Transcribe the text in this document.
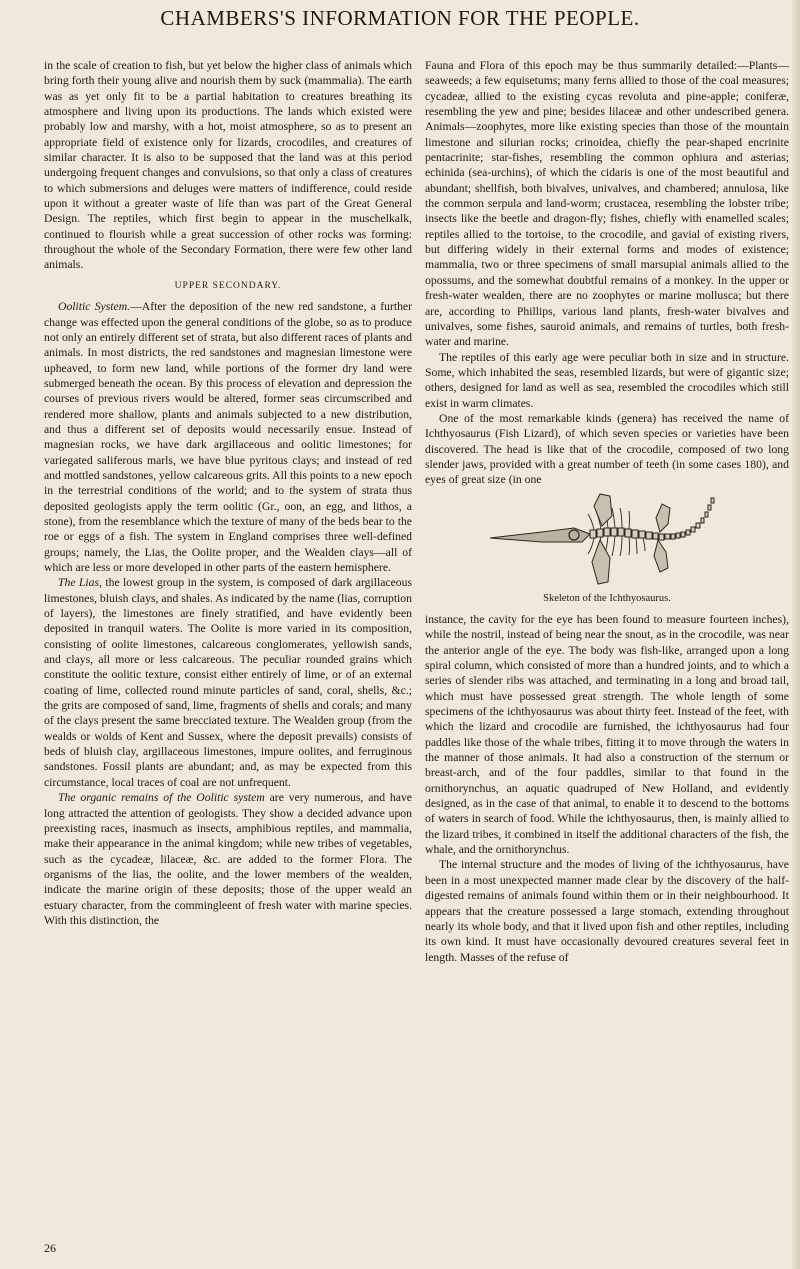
CHAMBERS'S INFORMATION FOR THE PEOPLE.

in the scale of creation to fish, but yet below the higher class of animals which bring forth their young alive and nourish them by suck (mammalia). The earth was as yet only fit to be a partial habitation to creatures breathing its atmosphere and living upon its productions. The lands which existed were probably low and marshy, with a hot, moist atmosphere, so as to present an appropriate field of existence only for lizards, crocodiles, and creatures of similar character. It is also to be supposed that the land was at this period undergoing frequent changes and convulsions, so that only a class of creatures to which submersions and deluges were matters of indifference, could reside upon it without a greater waste of life than was part of the Great General Design. The reptiles, which first begin to appear in the muschelkalk, continued to flourish while a great succession of other rocks was forming: throughout the whole of the Secondary Formation, there were few other land animals.

UPPER SECONDARY.

Oolitic System.—After the deposition of the new red sandstone, a further change was effected upon the general conditions of the globe, so as to produce not only an entirely different set of strata, but also different races of plants and animals. In most districts, the red sandstones and magnesian limestone were upheaved, to form new land, while portions of the former dry land were submerged beneath the ocean. By this process of elevation and depression the courses of previous rivers would be altered, former seas circumscribed and rendered more shallow, plants and animals subjected to a new distribution, and thus a different set of deposits would necessarily ensue. Instead of magnesian rocks, we have dark argillaceous and oolitic limestones; for variegated saliferous marls, we have blue pyritous clays; and instead of red and mottled sandstones, yellow calcareous grits. All this points to a new epoch in the terrestrial conditions of the world; and to the system of strata thus deposited geologists apply the term oolitic (Gr., oon, an egg, and lithos, a stone), from the resemblance which the texture of many of the beds bear to the roe or eggs of a fish. The system in England comprises three well-defined groups; namely, the Lias, the Oolite proper, and the Wealden clays—all of which are less or more developed in other parts of the eastern hemisphere.

The Lias, the lowest group in the system, is composed of dark argillaceous limestones, bluish clays, and shales. As indicated by the name (lias, corruption of layers), the limestones are finely stratified, and have evidently been deposited in tranquil waters. The Oolite is more varied in its composition, consisting of oolite limestones, calcareous conglomerates, yellowish sands, and clays, all more or less calcareous. The peculiar rounded grains which constitute the oolitic texture, consist either entirely of lime, or of an external coating of lime, collected round minute particles of sand, coral, shells, &c.; the grits are composed of sand, lime, fragments of shells and corals; and many of the clays present the same brecciated texture. The Wealden group (from the wealds or wolds of Kent and Sussex, where the deposit prevails) consists of beds of bluish clay, argillaceous limestones, impure oolites, and ferruginous sandstones. Fossil plants are abundant; and, as may be expected from this circumstance, local traces of coal are not unfrequent.

The organic remains of the Oolitic system are very numerous, and have long attracted the attention of geologists. They show a decided advance upon preexisting races, inasmuch as insects, amphibious reptiles, and mammalia, make their appearance in the animal kingdom; while new tribes of vegetables, such as the cycadeæ, lilaceæ, &c. are added to the former Flora. The organisms of the lias, the oolite, and the lower members of the wealden, indicate the marine origin of these deposits; those of the upper weald an estuary character, from the commingleent of fresh water with marine species. With this distinction, the

Fauna and Flora of this epoch may be thus summarily detailed:—Plants—seaweeds; a few equisetums; many ferns allied to those of the coal measures; cycadeæ, allied to the existing cycas revoluta and pine-apple; coniferæ, resembling the yew and pine; besides lilaceæ and other undescribed genera. Animals—zoophytes, more like existing species than those of the mountain limestone and silurian rocks; crinoidea, chiefly the pear-shaped encrinite pentacrinite; star-fishes, resembling the common ophiura and asterias; echinida (sea-urchins), of which the cidaris is one of the most beautiful and abundant; shellfish, both bivalves, univalves, and chambered; annulosa, like the common serpula and land-worm; crustacea, resembling the lobster tribe; insects like the beetle and dragon-fly; fishes, chiefly with enamelled scales; reptiles allied to the tortoise, to the crocodile, and gavial of existing rivers, but differing widely in their external forms and modes of existence; mammalia, two or three specimens of small marsupial animals allied to the opossums, and the somewhat doubtful remains of a monkey. In the upper or fresh-water wealden, there are no zoophytes or marine mollusca; but there are, according to Phillips, various land plants, fresh-water bivalves and univalves, some fishes, sauroid animals, and remains of turtles, both fresh-water and marine.

The reptiles of this early age were peculiar both in size and in structure. Some, which inhabited the seas, resembled lizards, but were of gigantic size; others, designed for land as well as sea, resembled the crocodiles which still exist in warm climates.

One of the most remarkable kinds (genera) has received the name of Ichthyosaurus (Fish Lizard), of which seven species or varieties have been discovered. The head is like that of the crocodile, composed of two long slender jaws, provided with a great number of teeth (in some cases 180), and eyes of great size (in one

Skeleton of the Ichthyosaurus.

instance, the cavity for the eye has been found to measure fourteen inches), while the nostril, instead of being near the snout, as in the crocodile, was near the anterior angle of the eye. The body was fish-like, arranged upon a long spiral column, which consisted of more than a hundred joints, and to which a series of slender ribs was attached, and terminating in a long and broad tail, which must have possessed great strength. The whole length of some specimens of the ichthyosaurus was about thirty feet. Instead of the feet, with which the lizard and crocodile are furnished, the ichthyosaurus had four paddles like those of the whale tribes, fitting it to move through the waters in the manner of those animals. It had also a construction of the sternum or breast-arch, and of the four paddles, similar to that found in the ornithorynchus, an aquatic quadruped of New Holland, and evidently designed, as in the case of that animal, to enable it to descend to the bottoms of waters in search of food. While the ichthyosaurus, then, is mainly allied to the lizard tribes, it combined in itself the additional characters of the fish, the whale, and the ornithorynchus.

The internal structure and the modes of living of the ichthyosaurus, have been in a most unexpected manner made clear by the discovery of the half-digested remains of animals found within them or in their neighbourhood. It appears that the creature possessed a large stomach, extending throughout nearly its whole body, and that it lived upon fish and other reptiles, including its own kind. It must have occasionally devoured creatures several feet in length. Masses of the refuse of

26
